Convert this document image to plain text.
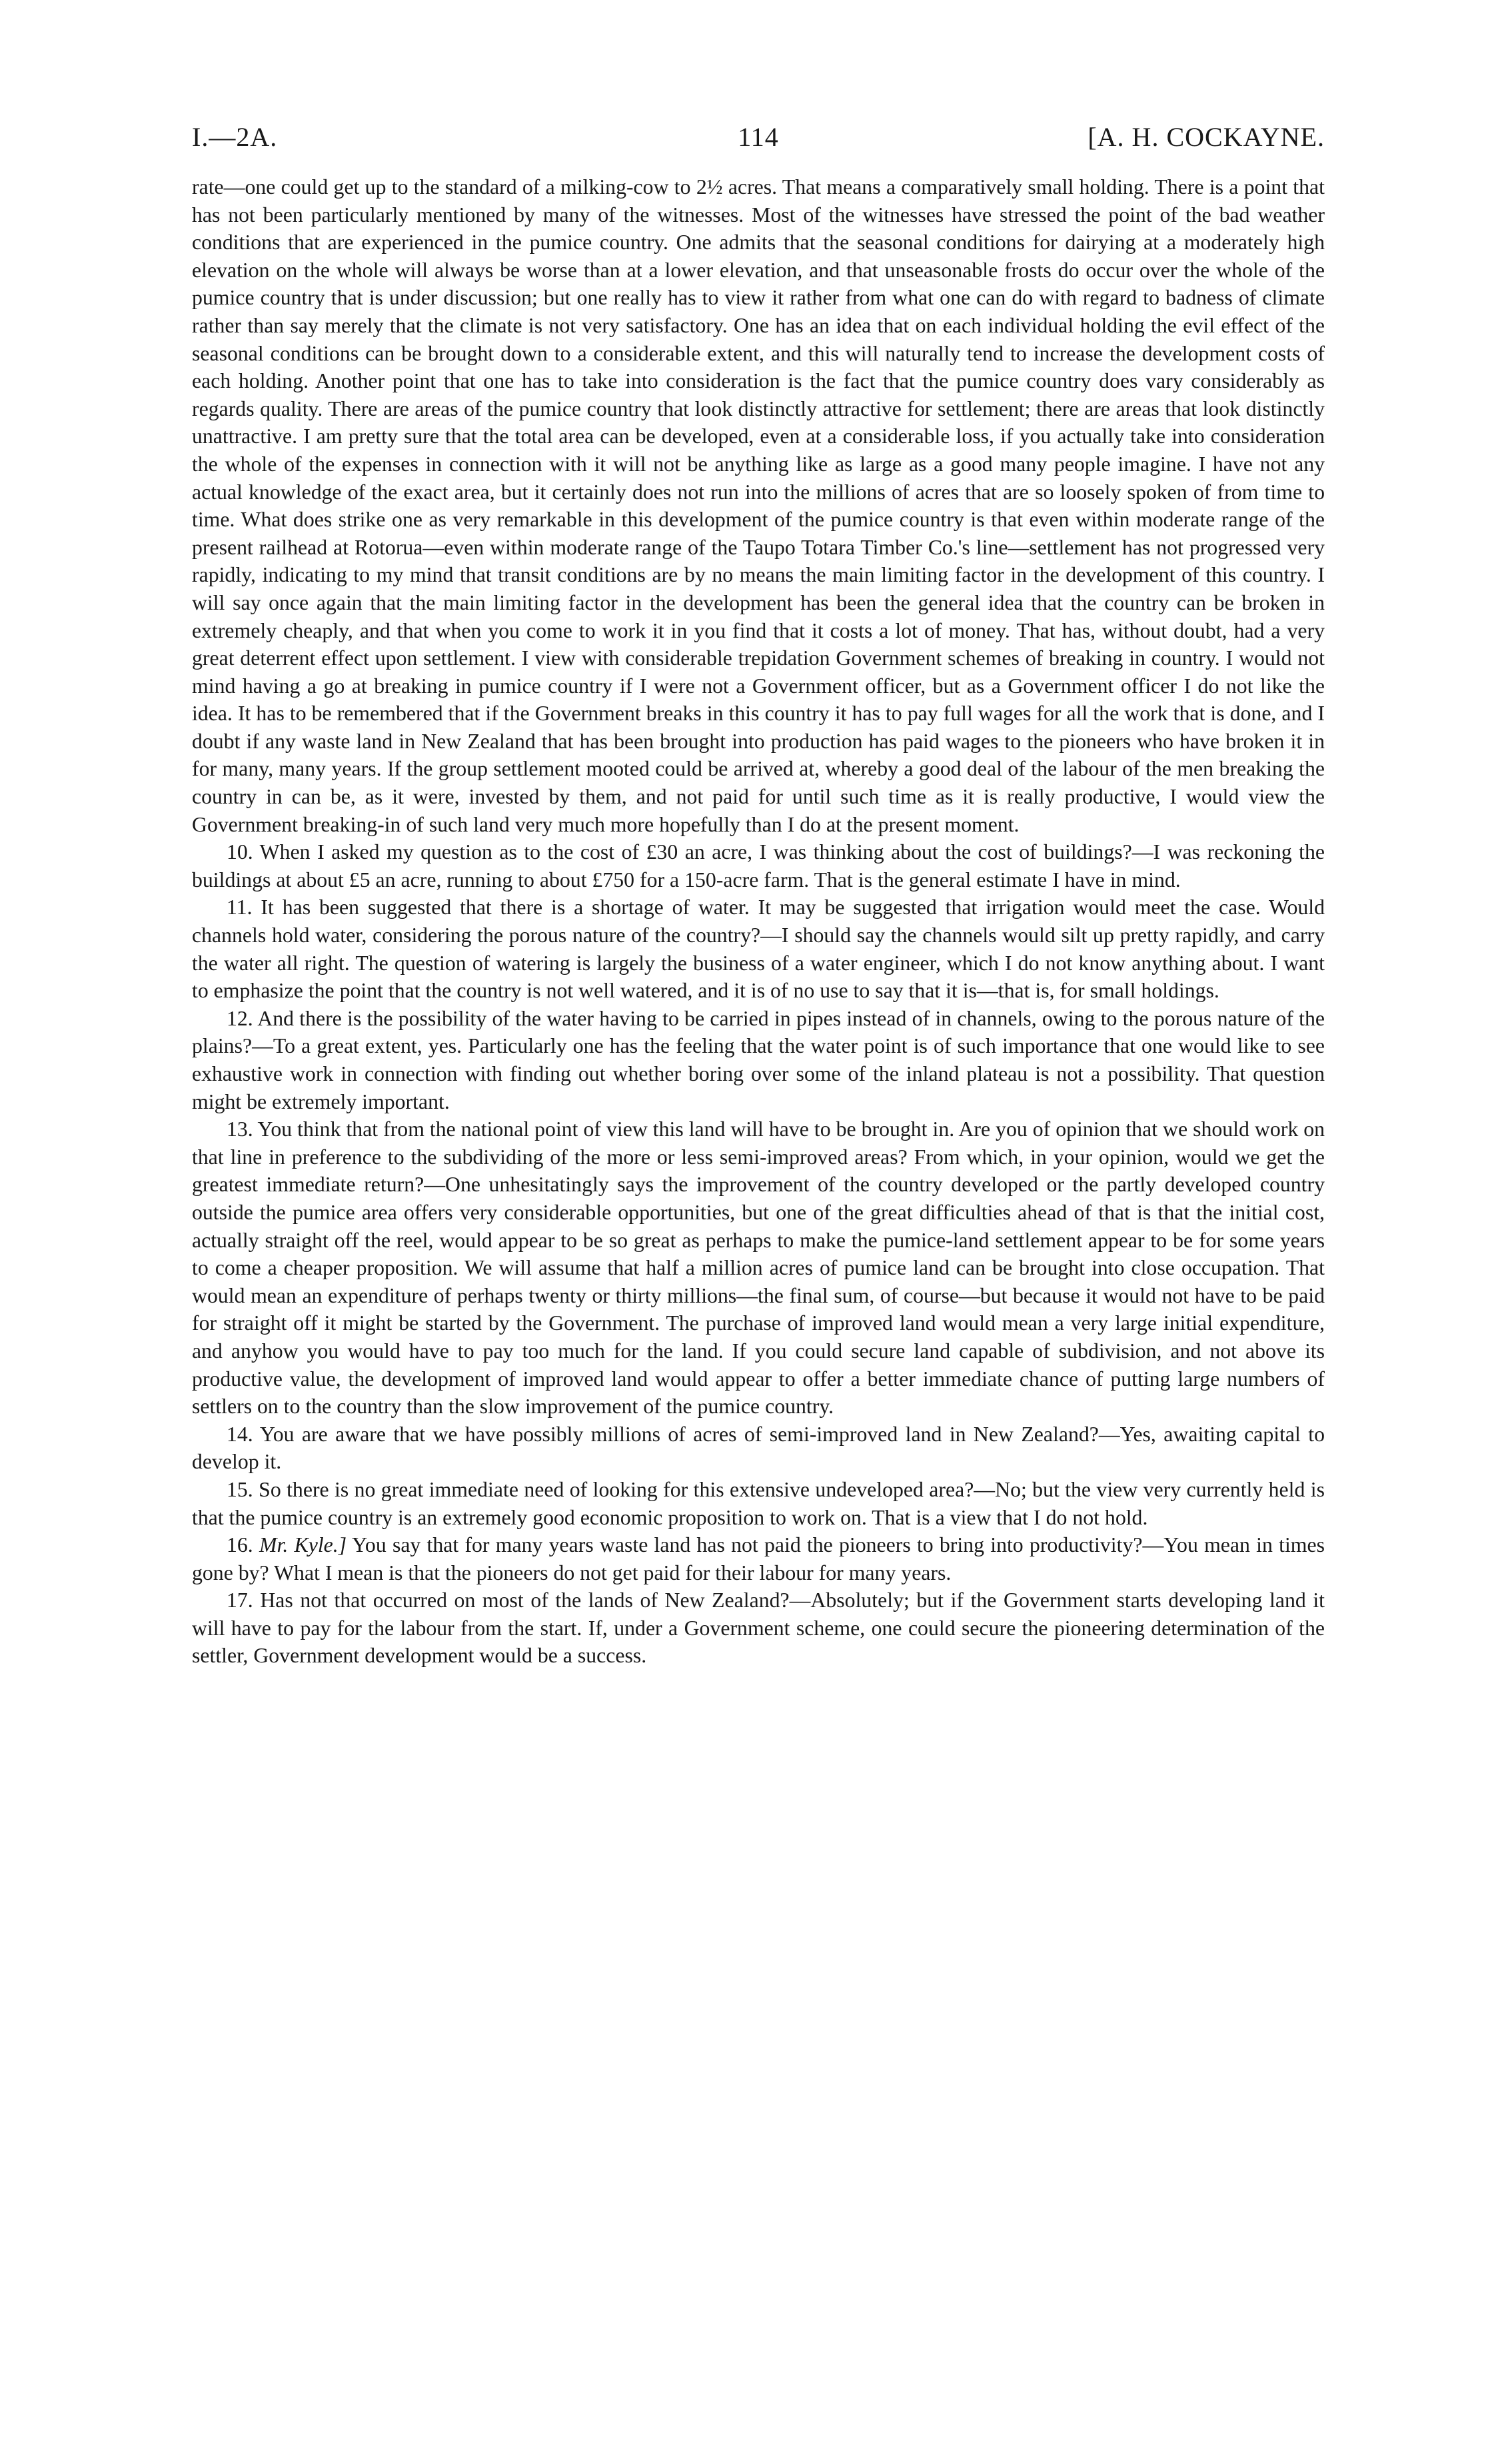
I.—2A.	114	[A. H. COCKAYNE.

rate—one could get up to the standard of a milking-cow to 2½ acres. That means a comparatively small holding. There is a point that has not been particularly mentioned by many of the witnesses. Most of the witnesses have stressed the point of the bad weather conditions that are experienced in the pumice country. One admits that the seasonal conditions for dairying at a moderately high elevation on the whole will always be worse than at a lower elevation, and that unseasonable frosts do occur over the whole of the pumice country that is under discussion; but one really has to view it rather from what one can do with regard to badness of climate rather than say merely that the climate is not very satisfactory. One has an idea that on each individual holding the evil effect of the seasonal conditions can be brought down to a considerable extent, and this will naturally tend to increase the development costs of each holding. Another point that one has to take into consideration is the fact that the pumice country does vary considerably as regards quality. There are areas of the pumice country that look distinctly attractive for settlement; there are areas that look distinctly unattractive. I am pretty sure that the total area can be developed, even at a considerable loss, if you actually take into consideration the whole of the expenses in connection with it will not be anything like as large as a good many people imagine. I have not any actual knowledge of the exact area, but it certainly does not run into the millions of acres that are so loosely spoken of from time to time. What does strike one as very remarkable in this development of the pumice country is that even within moderate range of the present railhead at Rotorua—even within moderate range of the Taupo Totara Timber Co.'s line—settlement has not progressed very rapidly, indicating to my mind that transit conditions are by no means the main limiting factor in the development of this country. I will say once again that the main limiting factor in the development has been the general idea that the country can be broken in extremely cheaply, and that when you come to work it in you find that it costs a lot of money. That has, without doubt, had a very great deterrent effect upon settlement. I view with considerable trepidation Government schemes of breaking in country. I would not mind having a go at breaking in pumice country if I were not a Government officer, but as a Government officer I do not like the idea. It has to be remembered that if the Government breaks in this country it has to pay full wages for all the work that is done, and I doubt if any waste land in New Zealand that has been brought into production has paid wages to the pioneers who have broken it in for many, many years. If the group settlement mooted could be arrived at, whereby a good deal of the labour of the men breaking the country in can be, as it were, invested by them, and not paid for until such time as it is really productive, I would view the Government breaking-in of such land very much more hopefully than I do at the present moment.

10. When I asked my question as to the cost of £30 an acre, I was thinking about the cost of buildings?—I was reckoning the buildings at about £5 an acre, running to about £750 for a 150-acre farm. That is the general estimate I have in mind.

11. It has been suggested that there is a shortage of water. It may be suggested that irrigation would meet the case. Would channels hold water, considering the porous nature of the country?—I should say the channels would silt up pretty rapidly, and carry the water all right. The question of watering is largely the business of a water engineer, which I do not know anything about. I want to emphasize the point that the country is not well watered, and it is of no use to say that it is—that is, for small holdings.

12. And there is the possibility of the water having to be carried in pipes instead of in channels, owing to the porous nature of the plains?—To a great extent, yes. Particularly one has the feeling that the water point is of such importance that one would like to see exhaustive work in connection with finding out whether boring over some of the inland plateau is not a possibility. That question might be extremely important.

13. You think that from the national point of view this land will have to be brought in. Are you of opinion that we should work on that line in preference to the subdividing of the more or less semi-improved areas? From which, in your opinion, would we get the greatest immediate return?—One unhesitatingly says the improvement of the country developed or the partly developed country outside the pumice area offers very considerable opportunities, but one of the great difficulties ahead of that is that the initial cost, actually straight off the reel, would appear to be so great as perhaps to make the pumice-land settlement appear to be for some years to come a cheaper proposition. We will assume that half a million acres of pumice land can be brought into close occupation. That would mean an expenditure of perhaps twenty or thirty millions—the final sum, of course—but because it would not have to be paid for straight off it might be started by the Government. The purchase of improved land would mean a very large initial expenditure, and anyhow you would have to pay too much for the land. If you could secure land capable of subdivision, and not above its productive value, the development of improved land would appear to offer a better immediate chance of putting large numbers of settlers on to the country than the slow improvement of the pumice country.

14. You are aware that we have possibly millions of acres of semi-improved land in New Zealand?—Yes, awaiting capital to develop it.

15. So there is no great immediate need of looking for this extensive undeveloped area?—No; but the view very currently held is that the pumice country is an extremely good economic proposition to work on. That is a view that I do not hold.

16. Mr. Kyle.] You say that for many years waste land has not paid the pioneers to bring into productivity?—You mean in times gone by? What I mean is that the pioneers do not get paid for their labour for many years.

17. Has not that occurred on most of the lands of New Zealand?—Absolutely; but if the Government starts developing land it will have to pay for the labour from the start. If, under a Government scheme, one could secure the pioneering determination of the settler, Government development would be a success.
